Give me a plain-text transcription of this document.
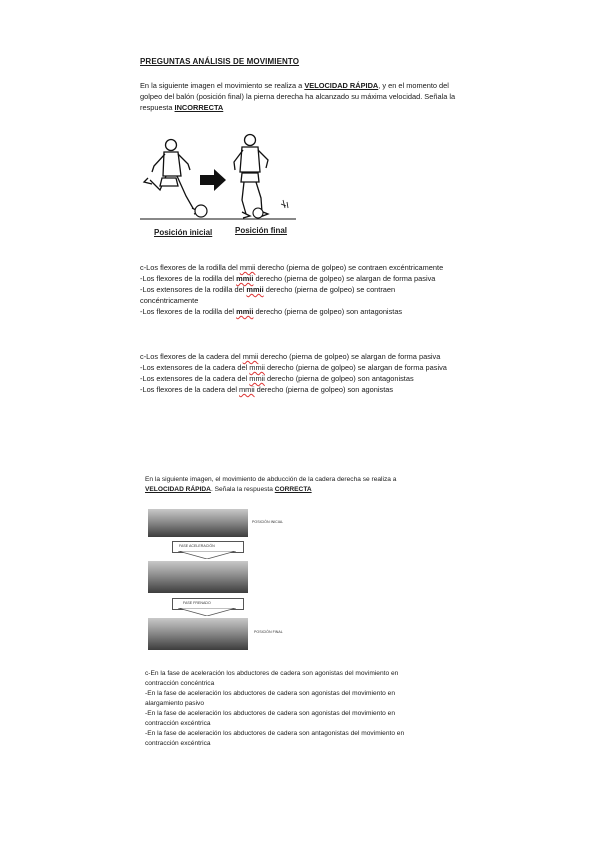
PREGUNTAS ANÁLISIS DE MOVIMIENTO
En la siguiente imagen el movimiento se realiza a VELOCIDAD RÁPIDA, y en el momento del
golpeo del balón (posición final) la pierna derecha ha alcanzado su máxima velocidad. Señala la
respuesta INCORRECTA
Posición inicial	Posición final
c-Los flexores de la rodilla del mmii derecho (pierna de golpeo) se contraen excéntricamente
-Los flexores de la rodilla del mmii derecho (pierna de golpeo) se alargan de forma pasiva
-Los extensores de la rodilla del mmii derecho (pierna de golpeo) se contraen
concéntricamente
-Los flexores de la rodilla del mmii derecho (pierna de golpeo) son antagonistas
c-Los flexores de la cadera del mmii derecho (pierna de golpeo) se alargan de forma pasiva
-Los extensores de la cadera del mmii derecho (pierna de golpeo) se alargan de forma pasiva
-Los extensores de la cadera del mmii derecho (pierna de golpeo) son antagonistas
-Los flexores de la cadera del mmii derecho (pierna de golpeo) son agonistas
En la siguiente imagen, el movimiento de abducción de la cadera derecha se realiza a
VELOCIDAD RÁPIDA. Señala la respuesta CORRECTA
POSICIÓN INICIAL
FASE ACELERACIÓN
FASE FRENADO
POSICIÓN FINAL
c-En la fase de aceleración los abductores de cadera son agonistas del movimiento en
contracción concéntrica
-En la fase de aceleración los abductores de cadera son agonistas del movimiento en
alargamiento pasivo
-En la fase de aceleración los abductores de cadera son agonistas del movimiento en
contracción excéntrica
-En la fase de aceleración los abductores de cadera son antagonistas del movimiento en
contracción excéntrica
